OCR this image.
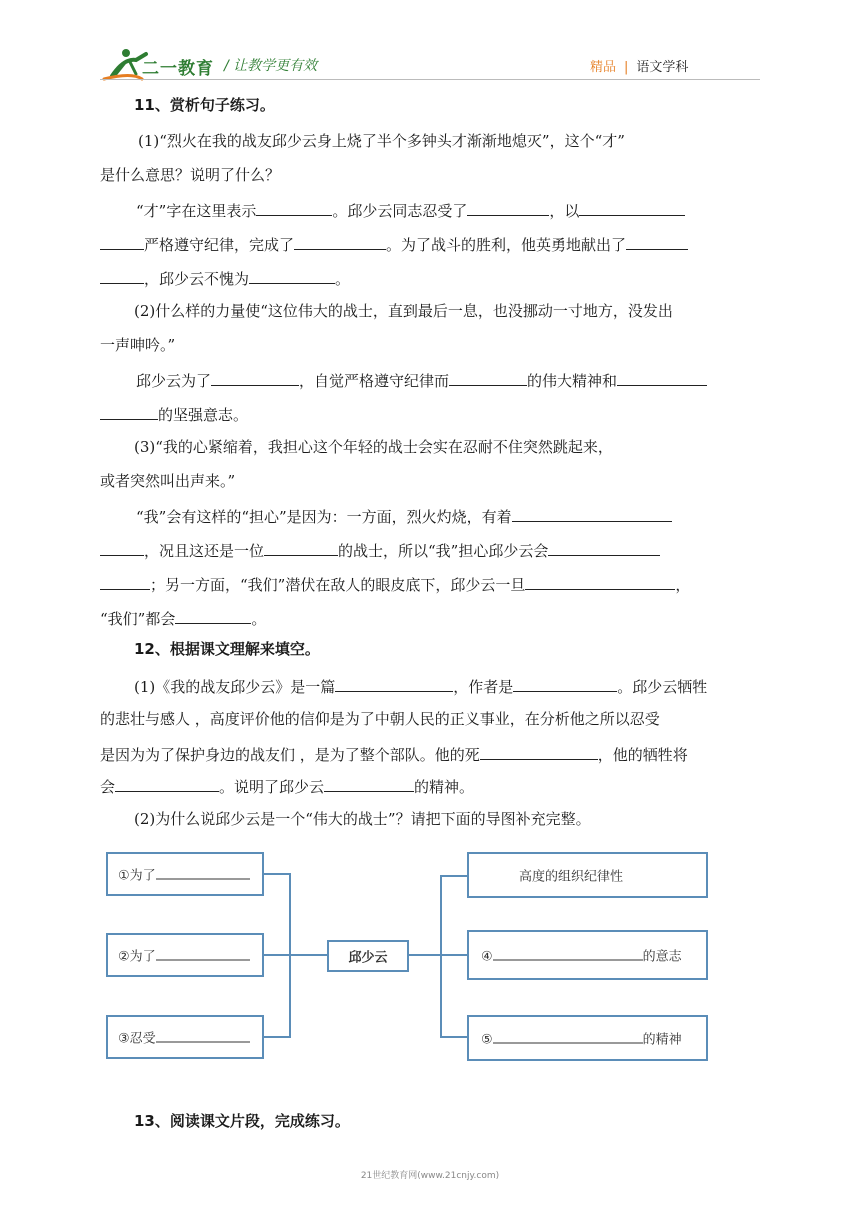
二一教育 / 让教学更有效	精品 | 语文学科
11、赏析句子练习。
(1)“烈火在我的战友邱少云身上烧了半个多钟头才渐渐地熄灭”，这个“才”
是什么意思？说明了什么？
“才”字在这里表示	。邱少云同志忍受了	，以
严格遵守纪律，完成了	。为了战斗的胜利，他英勇地献出了
，邱少云不愧为	。
(2)什么样的力量使“这位伟大的战士，直到最后一息，也没挪动一寸地方，没发出
一声呻吟。”
邱少云为了	，自觉严格遵守纪律而	的伟大精神和
的坚强意志。
(3)“我的心紧缩着，我担心这个年轻的战士会实在忍耐不住突然跳起来，
或者突然叫出声来。”
“我”会有这样的“担心”是因为：一方面，烈火灼烧，有着
，况且这还是一位	的战士，所以“我”担心邱少云会
；另一方面，“我们”潜伏在敌人的眼皮底下，邱少云一旦	，
“我们”都会	。
12、根据课文理解来填空。
(1)《我的战友邱少云》是一篇	，作者是	。邱少云牺牲
的悲壮与感人 ，高度评价他的信仰是为了中朝人民的正义事业，在分析他之所以忍受
是因为为了保护身边的战友们 ，是为了整个部队。他的死	，他的牺牲将
会	。说明了邱少云	的精神。
(2)为什么说邱少云是一个“伟大的战士”？请把下面的导图补充完整。
①为了
②为了
③忍受
邱少云
高度的组织纪律性
④	的意志
⑤	的精神
13、阅读课文片段，完成练习。
21世纪教育网(www.21cnjy.com)
